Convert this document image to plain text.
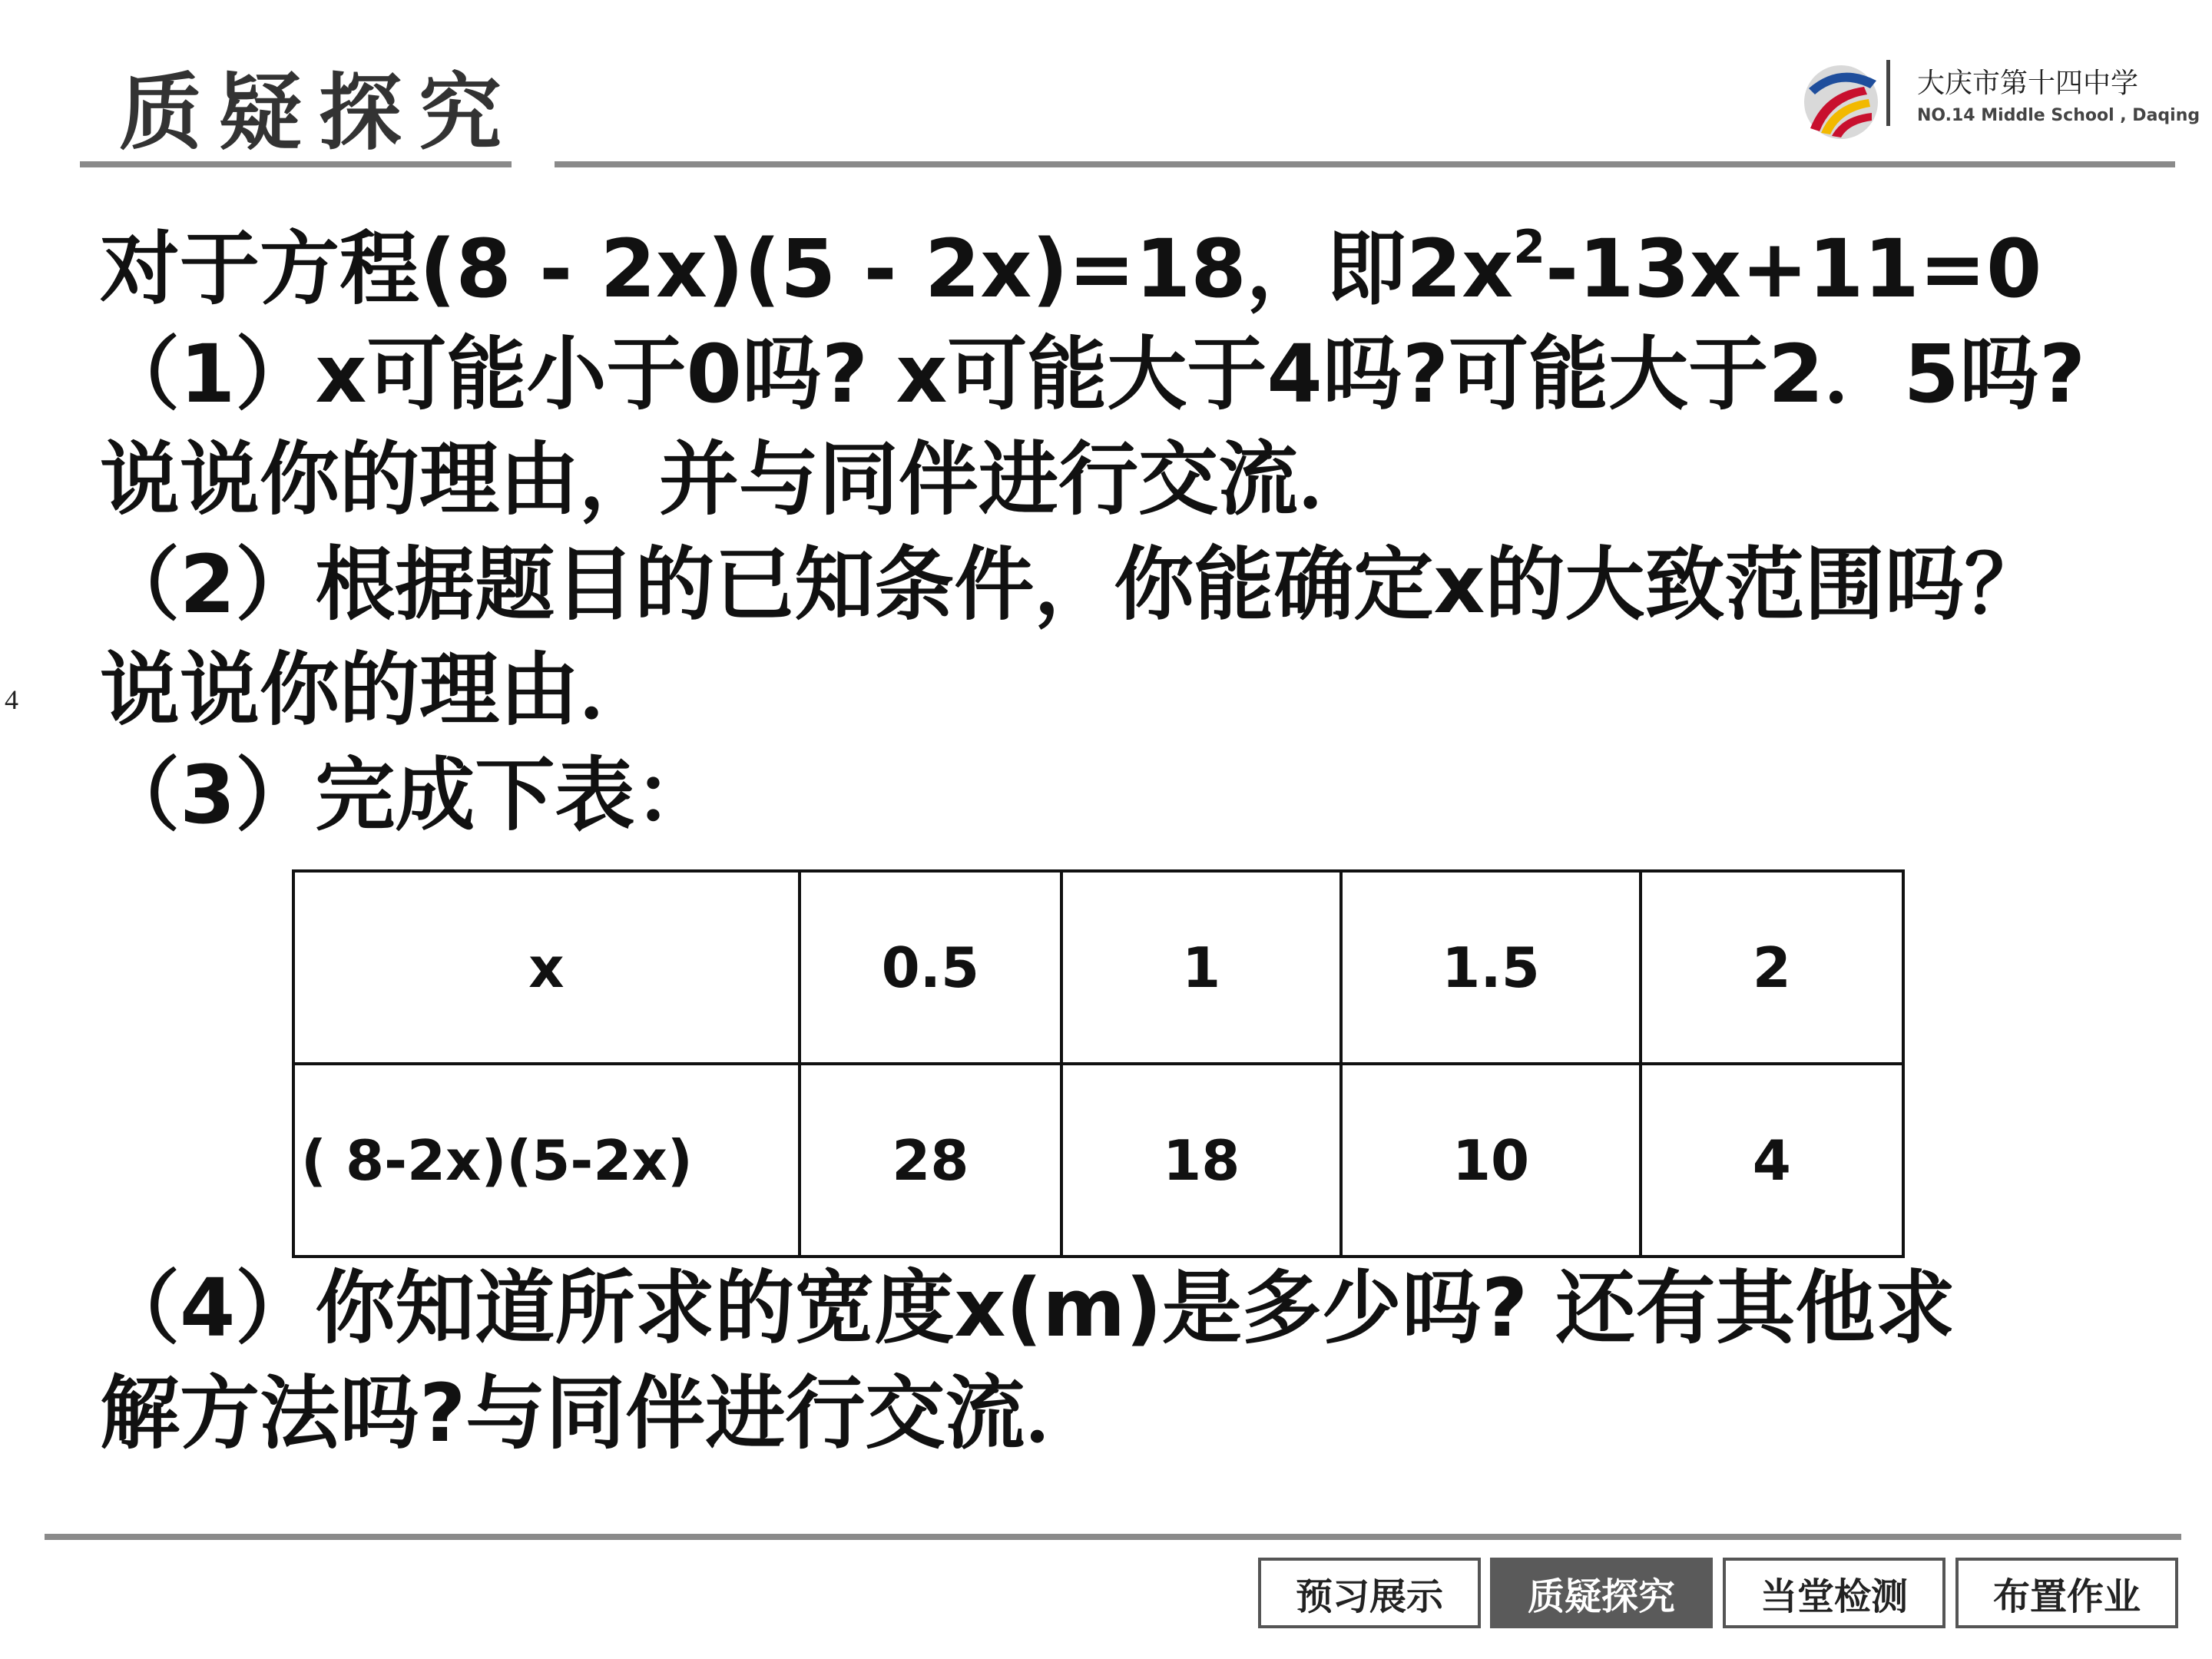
质疑探究	大庆市第十四中学
NO.14 Middle School , Daqing
4
对于方程(8 - 2x)(5 - 2x)=18，即$2x^2-13x+11=0$
（1）x可能小于0吗? x可能大于4吗?可能大于2．5吗?
说说你的理由，并与同伴进行交流．
（2）根据题目的已知条件，你能确定x的大致范围吗？
说说你的理由．
（3）完成下表：
x	0.5	1	1.5	2
( 8-2x)(5-2x)	28	18	10	4
（4）你知道所求的宽度x(m)是多少吗? 还有其他求
解方法吗?与同伴进行交流．
预习展示	质疑探究	当堂检测	布置作业
